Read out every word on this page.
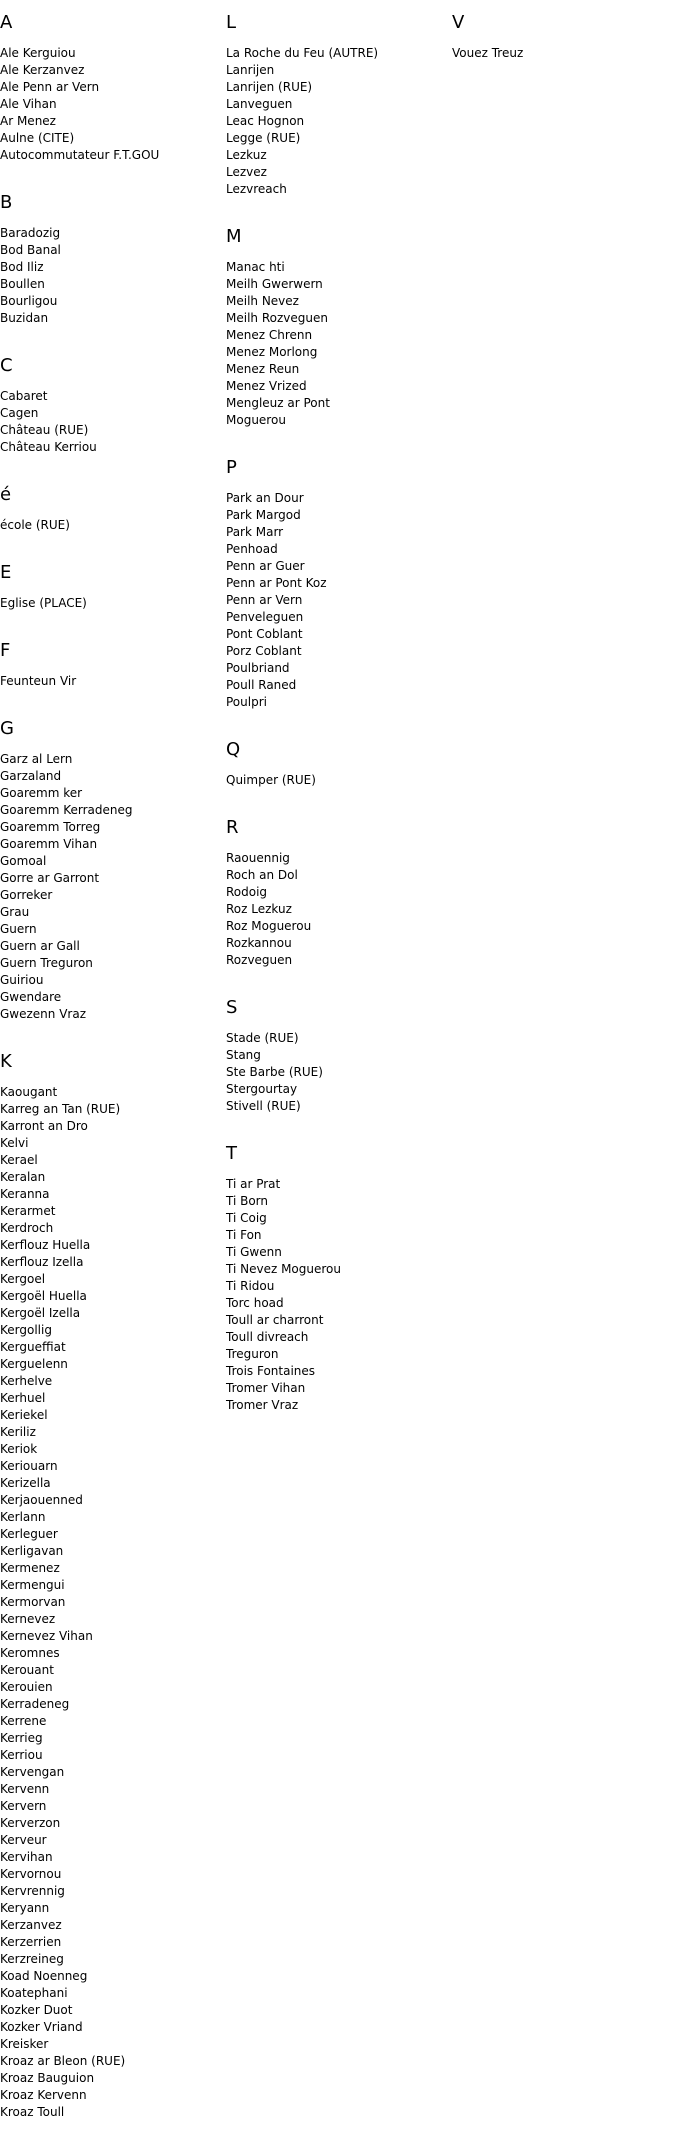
A
Ale Kerguiou
Ale Kerzanvez
Ale Penn ar Vern
Ale Vihan
Ar Menez
Aulne (CITE)
Autocommutateur F.T.GOU
B
Baradozig
Bod Banal
Bod Iliz
Boullen
Bourligou
Buzidan
C
Cabaret
Cagen
Château (RUE)
Château Kerriou
é
école (RUE)
E
Eglise (PLACE)
F
Feunteun Vir
G
Garz al Lern
Garzaland
Goaremm ker
Goaremm Kerradeneg
Goaremm Torreg
Goaremm Vihan
Gomoal
Gorre ar Garront
Gorreker
Grau
Guern
Guern ar Gall
Guern Treguron
Guiriou
Gwendare
Gwezenn Vraz
K
Kaougant
Karreg an Tan (RUE)
Karront an Dro
Kelvi
Kerael
Keralan
Keranna
Kerarmet
Kerdroch
Kerflouz Huella
Kerflouz Izella
Kergoel
Kergoël Huella
Kergoël Izella
Kergollig
Kergueffiat
Kerguelenn
Kerhelve
Kerhuel
Keriekel
Keriliz
Keriok
Keriouarn
Kerizella
Kerjaouenned
Kerlann
Kerleguer
Kerligavan
Kermenez
Kermengui
Kermorvan
Kernevez
Kernevez Vihan
Keromnes
Kerouant
Kerouien
Kerradeneg
Kerrene
Kerrieg
Kerriou
Kervengan
Kervenn
Kervern
Kerverzon
Kerveur
Kervihan
Kervornou
Kervrennig
Keryann
Kerzanvez
Kerzerrien
Kerzreineg
Koad Noenneg
Koatephani
Kozker Duot
Kozker Vriand
Kreisker
Kroaz ar Bleon (RUE)
Kroaz Bauguion
Kroaz Kervenn
Kroaz Toull
L
La Roche du Feu (AUTRE)
Lanrijen
Lanrijen (RUE)
Lanveguen
Leac Hognon
Legge (RUE)
Lezkuz
Lezvez
Lezvreach
M
Manac hti
Meilh Gwerwern
Meilh Nevez
Meilh Rozveguen
Menez Chrenn
Menez Morlong
Menez Reun
Menez Vrized
Mengleuz ar Pont
Moguerou
P
Park an Dour
Park Margod
Park Marr
Penhoad
Penn ar Guer
Penn ar Pont Koz
Penn ar Vern
Penveleguen
Pont Coblant
Porz Coblant
Poulbriand
Poull Raned
Poulpri
Q
Quimper (RUE)
R
Raouennig
Roch an Dol
Rodoig
Roz Lezkuz
Roz Moguerou
Rozkannou
Rozveguen
S
Stade (RUE)
Stang
Ste Barbe (RUE)
Stergourtay
Stivell (RUE)
T
Ti ar Prat
Ti Born
Ti Coig
Ti Fon
Ti Gwenn
Ti Nevez Moguerou
Ti Ridou
Torc hoad
Toull ar charront
Toull divreach
Treguron
Trois Fontaines
Tromer Vihan
Tromer Vraz
V
Vouez Treuz
